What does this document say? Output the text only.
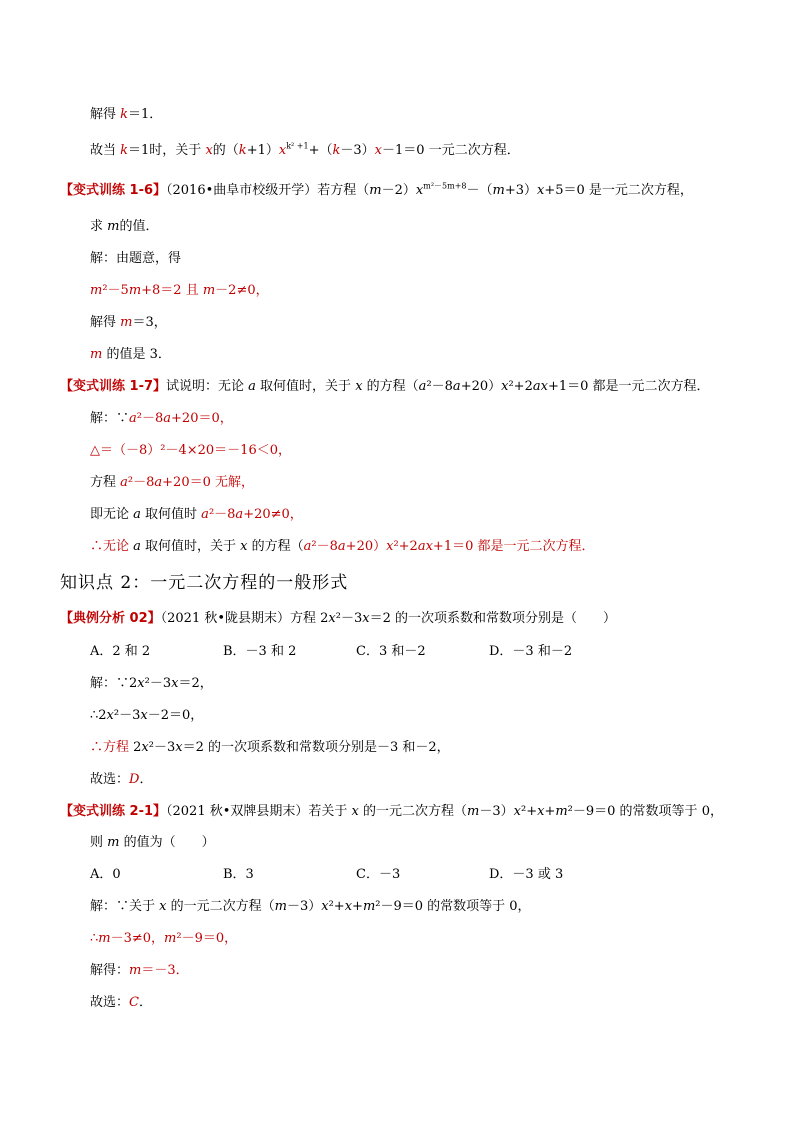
解得 k＝1．
故当 k＝1时，关于 x的$(k+1)x^{k^2 +1}+(k-3)x-1=0$ 一元二次方程．
【变式训练 1-6】（2016•曲阜市校级开学）若方程$(m-2)x^{m^2-5m+8}-(m+3)x+5=0$ 是一元二次方程，
求 m的值．
解：由题意，得
m²－5m+8＝2 且 m－2≠0，
解得 m＝3，
m 的值是 3．
【变式训练 1-7】试说明：无论 a 取何值时，关于 x 的方程（a²－8a+20）x²+2ax+1＝0 都是一元二次方程．
解：∵a²－8a+20＝0，
△＝（－8）²－4×20＝－16＜0，
方程 a²－8a+20＝0 无解，
即无论 a 取何值时 a²－8a+20≠0，
∴无论 a 取何值时，关于 x 的方程（a²－8a+20）x²+2ax+1＝0 都是一元二次方程．
知识点 2：一元二次方程的一般形式
【典例分析 02】（2021 秋•陇县期末）方程 2x²－3x＝2 的一次项系数和常数项分别是（　　）
A．2 和 2	B．－3 和 2	C．3 和－2	D．－3 和－2
解：∵2x²－3x＝2，
∴2x²－3x－2＝0，
∴方程 2x²－3x＝2 的一次项系数和常数项分别是－3 和－2，
故选：D．
【变式训练 2-1】（2021 秋•双牌县期末）若关于 x 的一元二次方程（m－3）x²+x+m²－9＝0 的常数项等于 0，
则 m 的值为（　　）
A．0	B．3	C．－3	D．－3 或 3
解：∵关于 x 的一元二次方程（m－3）x²+x+m²－9＝0 的常数项等于 0，
∴m－3≠0，m²－9＝0，
解得：m＝－3．
故选：C．
